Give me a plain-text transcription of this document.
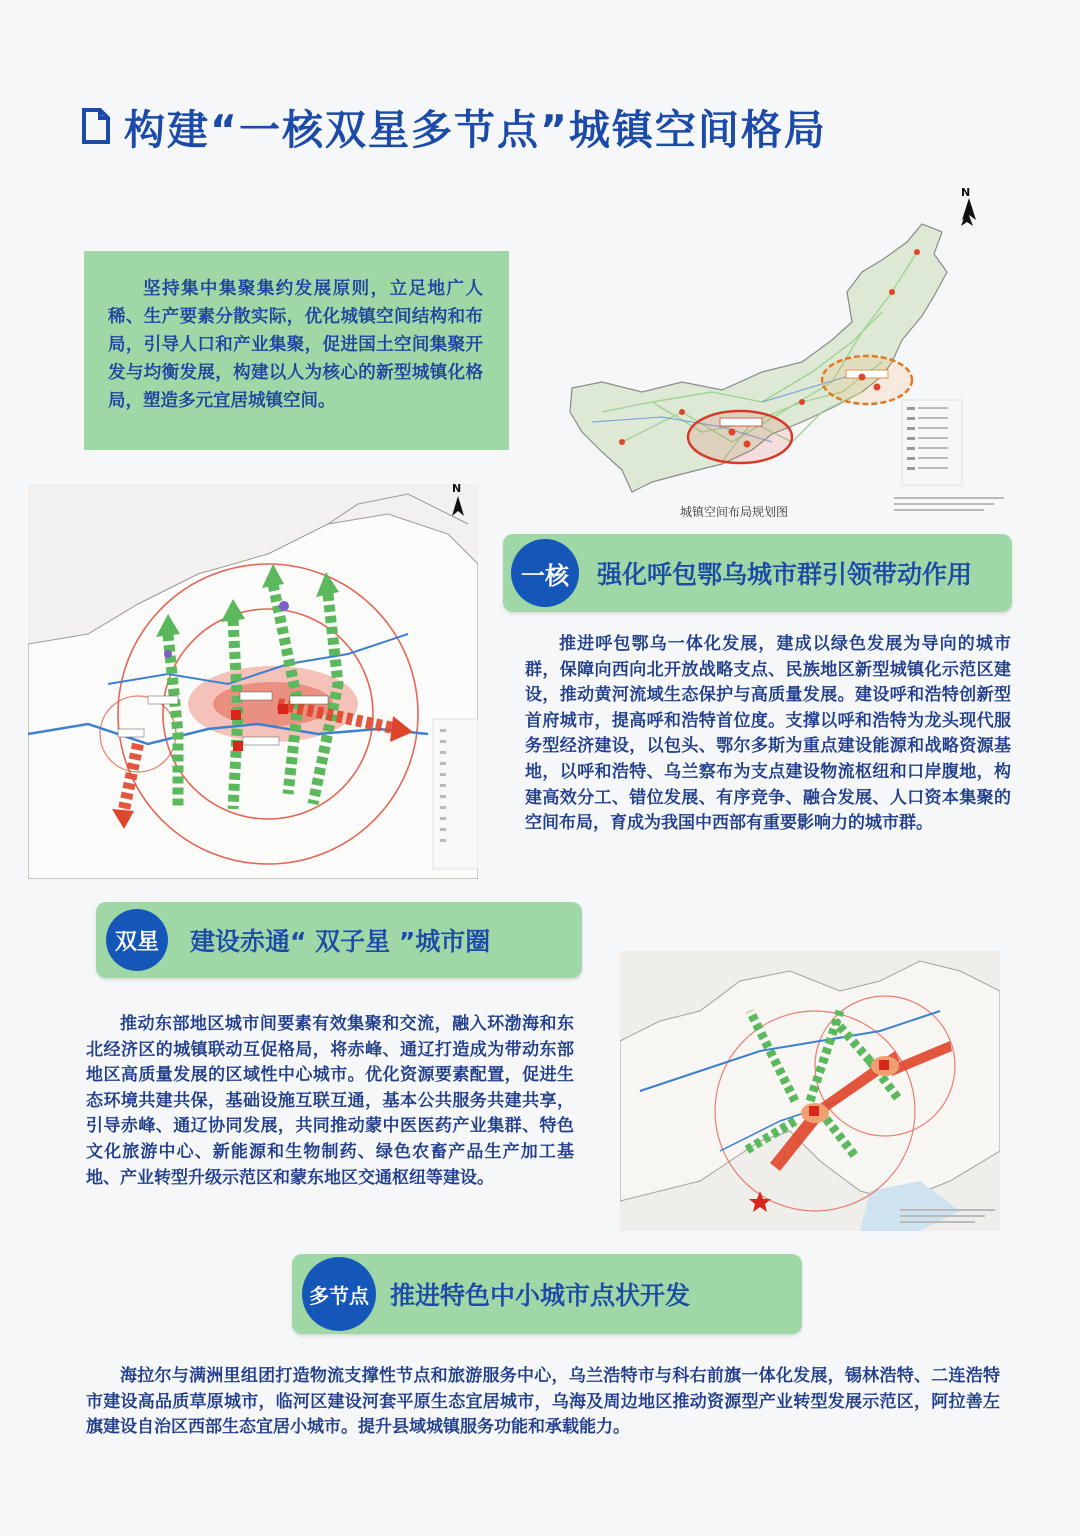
构建“一核双星多节点”城镇空间格局

坚持集中集聚集约发展原则，立足地广人稀、生产要素分散实际，优化城镇空间结构和布局，引导人口和产业集聚，促进国土空间集聚开发与均衡发展，构建以人为核心的新型城镇化格局，塑造多元宜居城镇空间。

N
城镇空间布局规划图
N
一核	强化呼包鄂乌城市群引领带动作用

推进呼包鄂乌一体化发展，建成以绿色发展为导向的城市群，保障向西向北开放战略支点、民族地区新型城镇化示范区建设，推动黄河流域生态保护与高质量发展。建设呼和浩特创新型首府城市，提高呼和浩特首位度。支撑以呼和浩特为龙头现代服务型经济建设，以包头、鄂尔多斯为重点建设能源和战略资源基地，以呼和浩特、乌兰察布为支点建设物流枢纽和口岸腹地，构建高效分工、错位发展、有序竞争、融合发展、人口资本集聚的空间布局，育成为我国中西部有重要影响力的城市群。

双星	建设赤通“ 双子星 ”城市圈

推动东部地区城市间要素有效集聚和交流，融入环渤海和东北经济区的城镇联动互促格局，将赤峰、通辽打造成为带动东部地区高质量发展的区域性中心城市。优化资源要素配置，促进生态环境共建共保，基础设施互联互通，基本公共服务共建共享，引导赤峰、通辽协同发展，共同推动蒙中医医药产业集群、特色文化旅游中心、新能源和生物制药、绿色农畜产品生产加工基地、产业转型升级示范区和蒙东地区交通枢纽等建设。

多节点 推进特色中小城市点状开发

海拉尔与满洲里组团打造物流支撑性节点和旅游服务中心，乌兰浩特市与科右前旗一体化发展，锡林浩特、二连浩特市建设高品质草原城市，临河区建设河套平原生态宜居城市，乌海及周边地区推动资源型产业转型发展示范区，阿拉善左旗建设自治区西部生态宜居小城市。提升县域城镇服务功能和承载能力。
